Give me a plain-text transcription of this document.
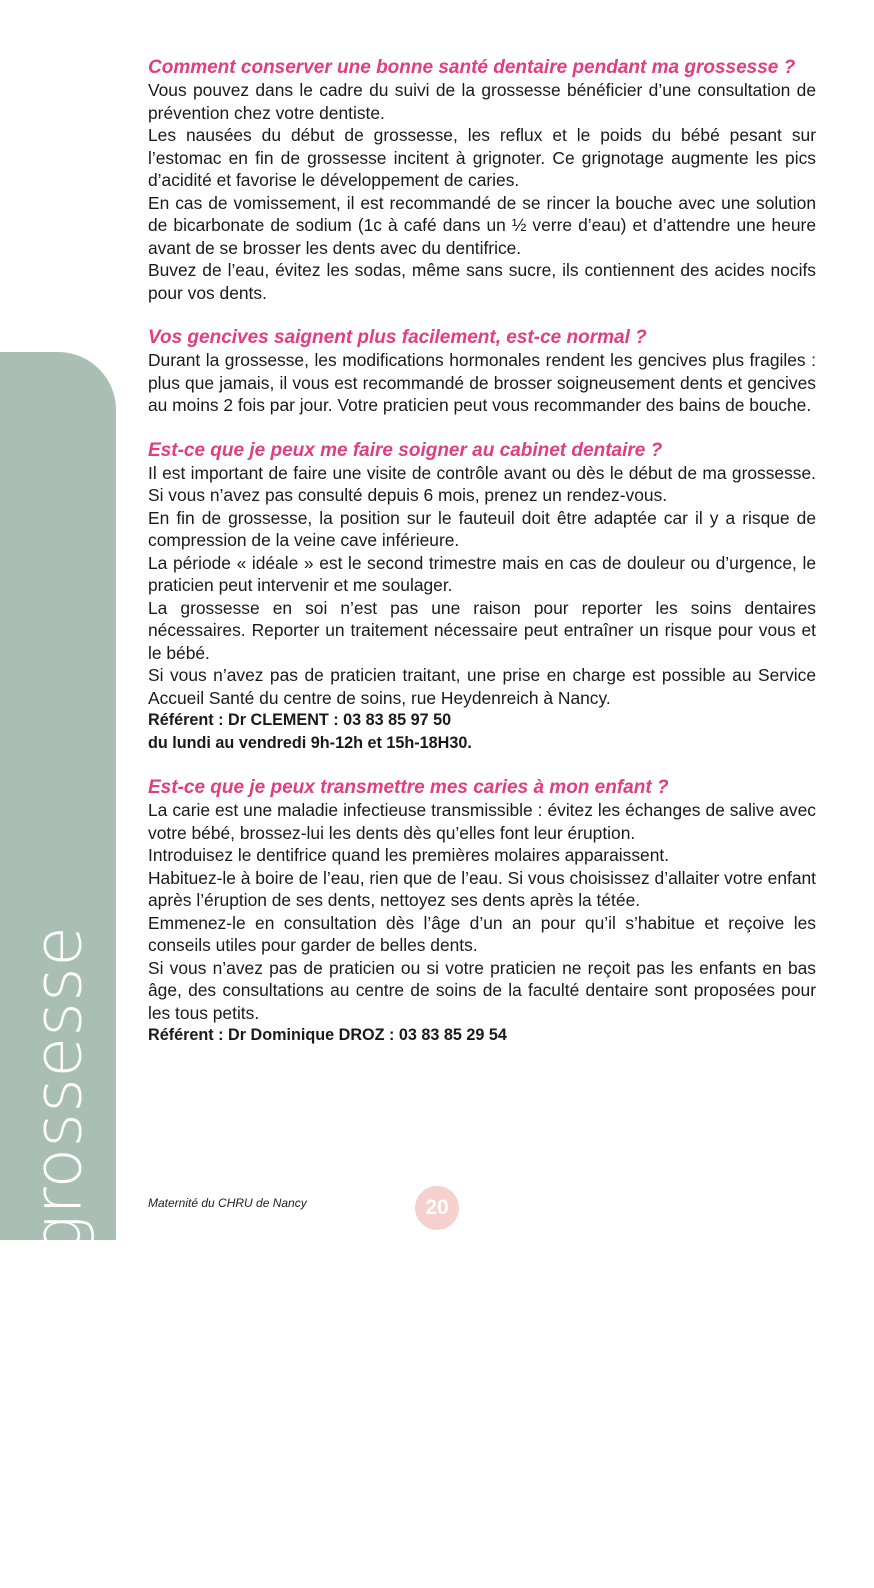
Durant la grossesse
Comment conserver une bonne santé dentaire pendant ma grossesse ?

Vous pouvez dans le cadre du suivi de la grossesse bénéficier d’une consultation de prévention chez votre dentiste.

Les nausées du début de grossesse, les reflux et le poids du bébé pesant sur l’estomac en fin de grossesse incitent à grignoter. Ce grignotage augmente les pics d’acidité et favorise le développement de caries.

En cas de vomissement, il est recommandé de se rincer la bouche avec une solution de bicarbonate de sodium (1c à café dans un ½ verre d’eau) et d’attendre une heure avant de se brosser les dents avec du dentifrice.

Buvez de l’eau, évitez les sodas, même sans sucre, ils contiennent des acides nocifs pour vos dents.

Vos gencives saignent plus facilement, est-ce normal ?

Durant la grossesse, les modifications hormonales rendent les gencives plus fragiles : plus que jamais, il vous est recommandé de brosser soigneusement dents et gencives au moins 2 fois par jour. Votre praticien peut vous recommander des bains de bouche.

Est-ce que je peux me faire soigner au cabinet dentaire ?

Il est important de faire une visite de contrôle avant ou dès le début de ma grossesse. Si vous n’avez pas consulté depuis 6 mois, prenez un rendez-vous.

En fin de grossesse, la position sur le fauteuil doit être adaptée car il y a risque de compression de la veine cave inférieure.

La période « idéale » est le second trimestre mais en cas de douleur ou d’urgence, le praticien peut intervenir et me soulager.

La grossesse en soi n’est pas une raison pour reporter les soins dentaires nécessaires. Reporter un traitement nécessaire peut entraîner un risque pour vous et le bébé.

Si vous n’avez pas de praticien traitant, une prise en charge est possible au Service Accueil Santé du centre de soins, rue Heydenreich à Nancy.

Référent : Dr CLEMENT : 03 83 85 97 50

du lundi au vendredi 9h-12h et 15h-18H30.

Est-ce que je peux transmettre mes caries à mon enfant ?

La carie est une maladie infectieuse transmissible : évitez les échanges de salive avec votre bébé, brossez-lui les dents dès qu’elles font leur éruption.

Introduisez le dentifrice quand les premières molaires apparaissent.

Habituez-le à boire de l’eau, rien que de l’eau. Si vous choisissez d’allaiter votre enfant après l’éruption de ses dents, nettoyez ses dents après la tétée.

Emmenez-le en consultation dès l’âge d’un an pour qu’il s’habitue et reçoive les conseils utiles pour garder de belles dents.

Si vous n’avez pas de praticien ou si votre praticien ne reçoit pas les enfants en bas âge, des consultations au centre de soins de la faculté dentaire sont proposées pour les tous petits.

Référent : Dr Dominique DROZ : 03 83 85 29 54

Maternité du CHRU de Nancy	20
